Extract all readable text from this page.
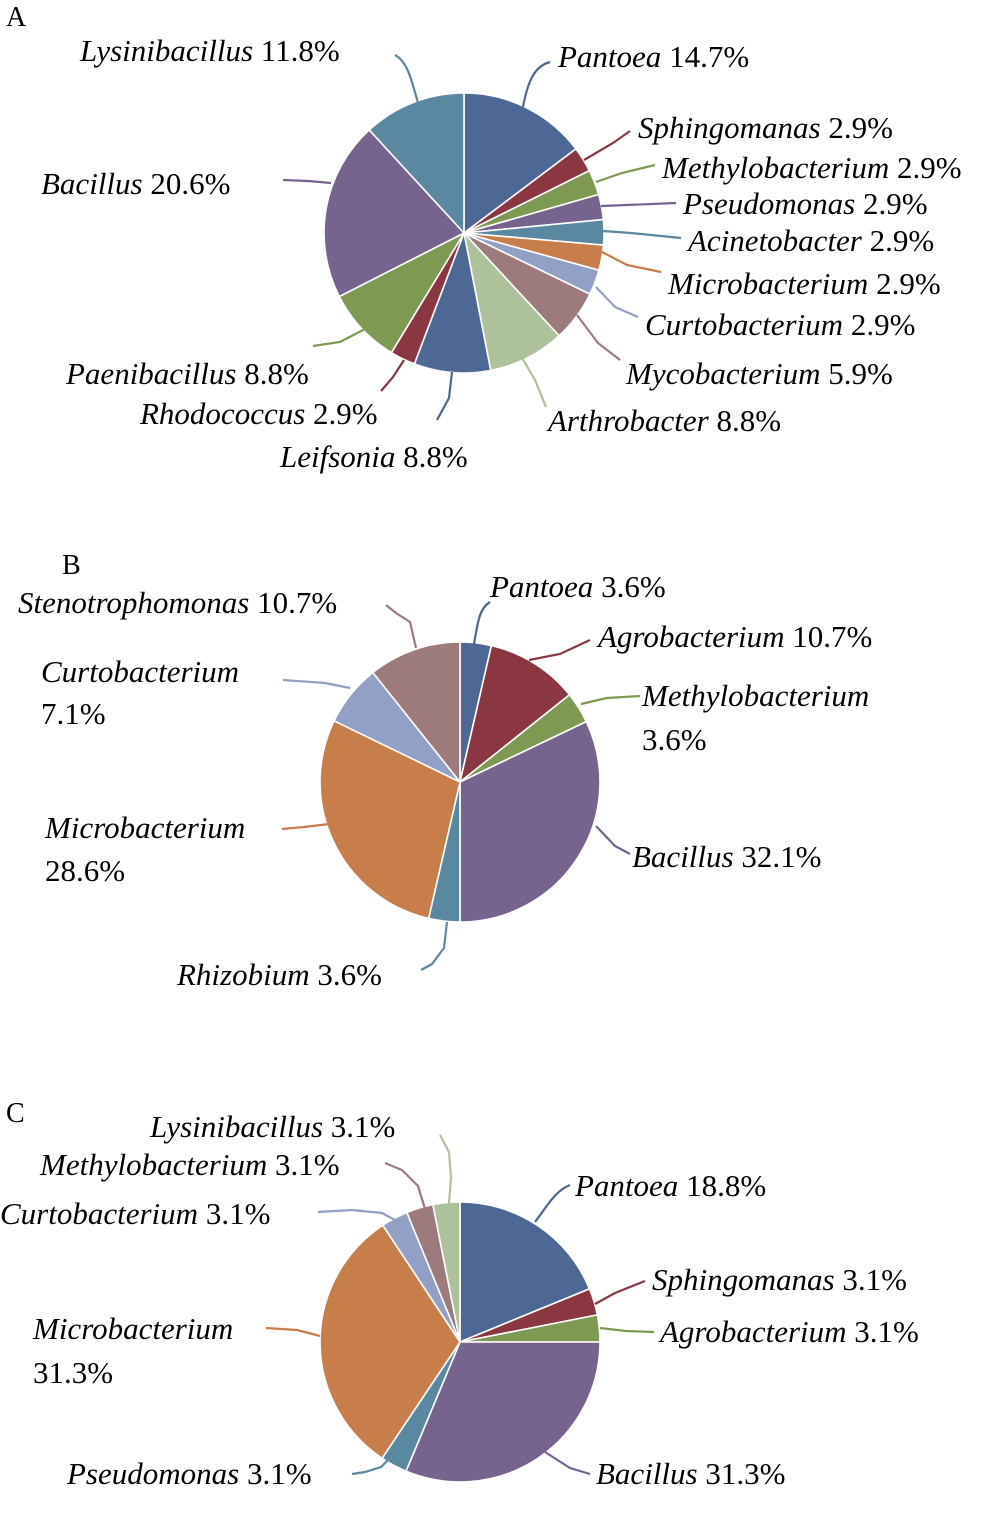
A
Pantoea 14.7%
Sphingomanas 2.9%
Methylobacterium 2.9%
Pseudomonas 2.9%
Acinetobacter 2.9%
Microbacterium 2.9%
Curtobacterium 2.9%
Mycobacterium 5.9%
Arthrobacter 8.8%
Leifsonia 8.8%
Rhodococcus 2.9%
Paenibacillus 8.8%
Bacillus 20.6%
Lysinibacillus 11.8%
B
Pantoea 3.6%
Agrobacterium 10.7%
Methylobacterium 3.6%
Bacillus 32.1%
Rhizobium 3.6%
Microbacterium 28.6%
Curtobacterium 7.1%
Stenotrophomonas 10.7%
C
Pantoea 18.8%
Sphingomanas 3.1%
Agrobacterium 3.1%
Bacillus 31.3%
Pseudomonas 3.1%
Microbacterium 31.3%
Curtobacterium 3.1%
Methylobacterium 3.1%
Lysinibacillus 3.1%
